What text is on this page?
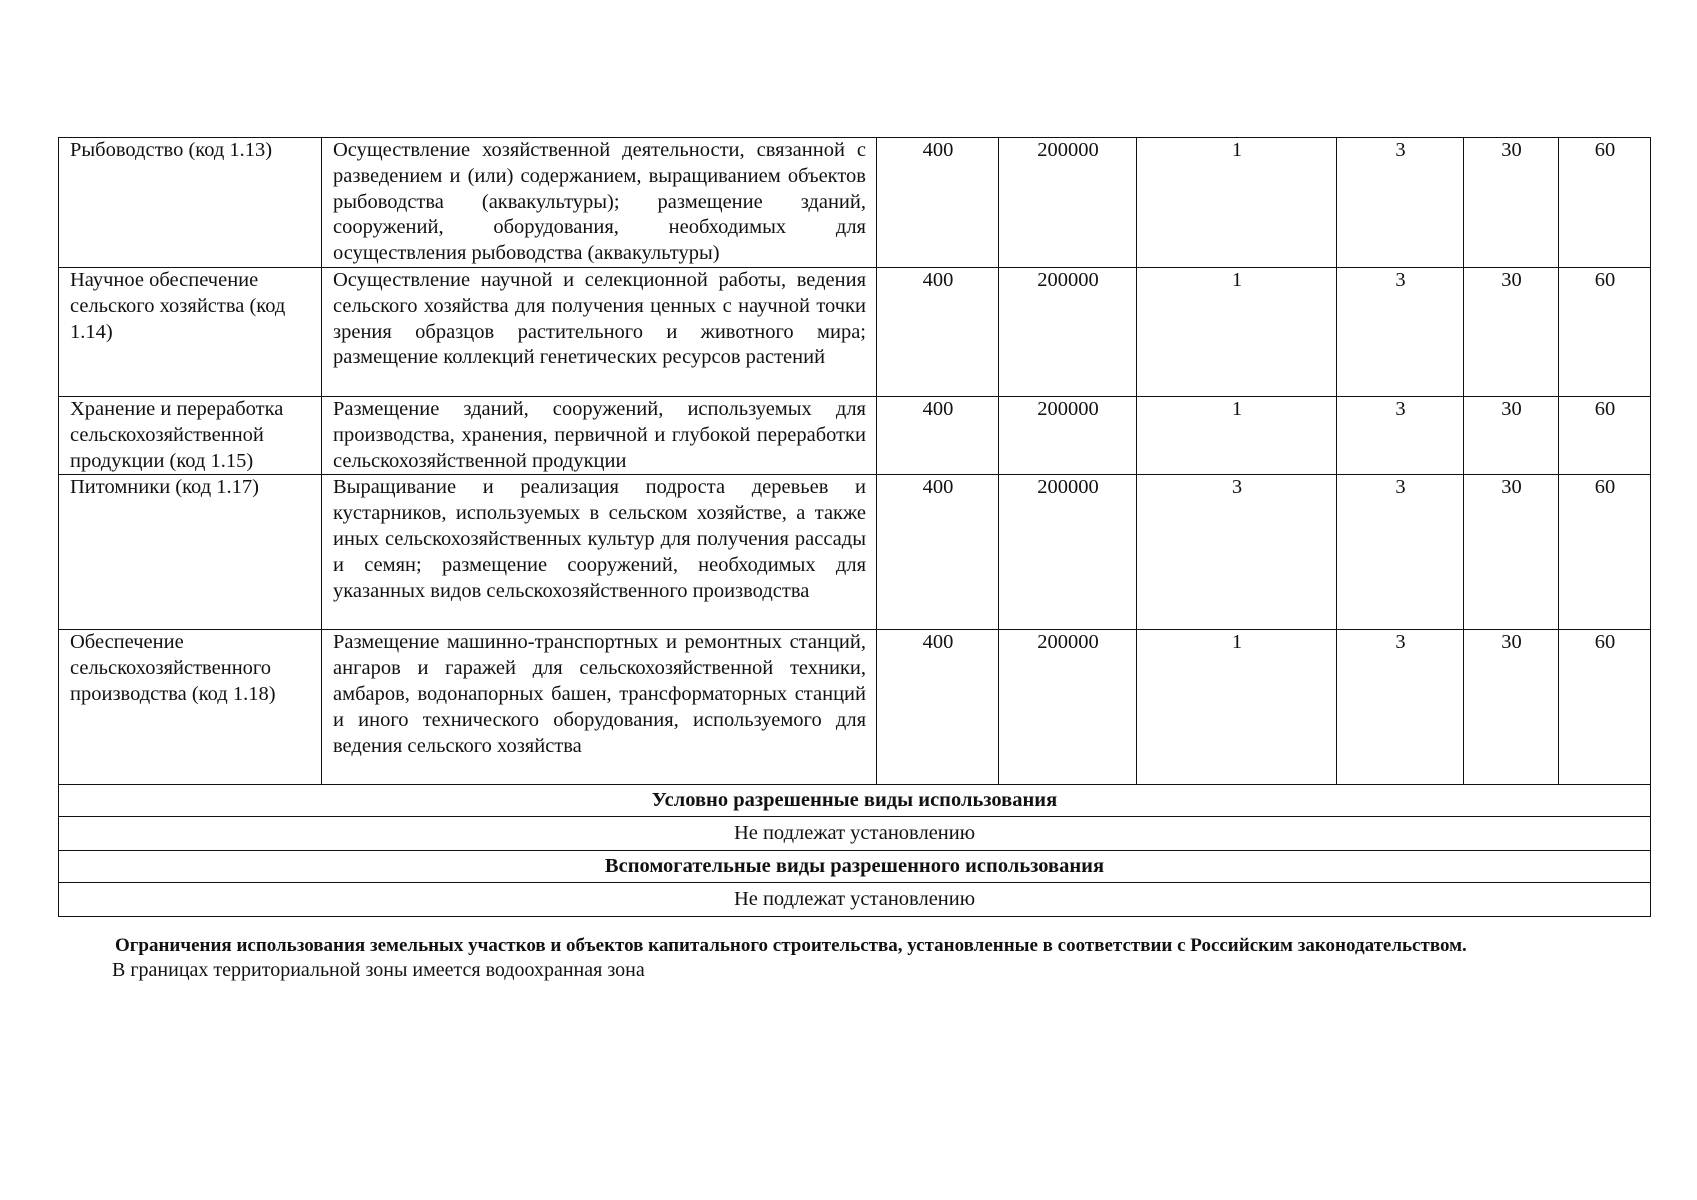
Рыбоводство (код 1.13)	Осуществление хозяйственной деятельности, связанной с разведением и (или) содержанием, выращиванием объектов рыбоводства (аквакультуры); размещение зданий, сооружений, оборудования, необходимых для осуществления рыбоводства (аквакультуры)	400	200000	1	3	30	60
Научное обеспечение сельского хозяйства (код 1.14)	Осуществление научной и селекционной работы, ведения сельского хозяйства для получения ценных с научной точки зрения образцов растительного и животного мира; размещение коллекций генетических ресурсов растений	400	200000	1	3	30	60
Хранение и переработка сельскохозяйственной продукции (код 1.15)	Размещение зданий, сооружений, используемых для производства, хранения, первичной и глубокой переработки сельскохозяйственной продукции	400	200000	1	3	30	60
Питомники (код 1.17)	Выращивание и реализация подроста деревьев и кустарников, используемых в сельском хозяйстве, а также иных сельскохозяйственных культур для получения рассады и семян; размещение сооружений, необходимых для указанных видов сельскохозяйственного производства	400	200000	3	3	30	60
Обеспечение сельскохозяйственного производства (код 1.18)	Размещение машинно-транспортных и ремонтных станций, ангаров и гаражей для сельскохозяйственной техники, амбаров, водонапорных башен, трансформаторных станций и иного технического оборудования, используемого для ведения сельского хозяйства	400	200000	1	3	30	60
Условно разрешенные виды использования							
Не подлежат установлению							
Вспомогательные виды разрешенного использования							
Не подлежат установлению							

Ограничения использования земельных участков и объектов капитального строительства, установленные в соответствии с Российским законодательством.

В границах территориальной зоны имеется водоохранная зона
